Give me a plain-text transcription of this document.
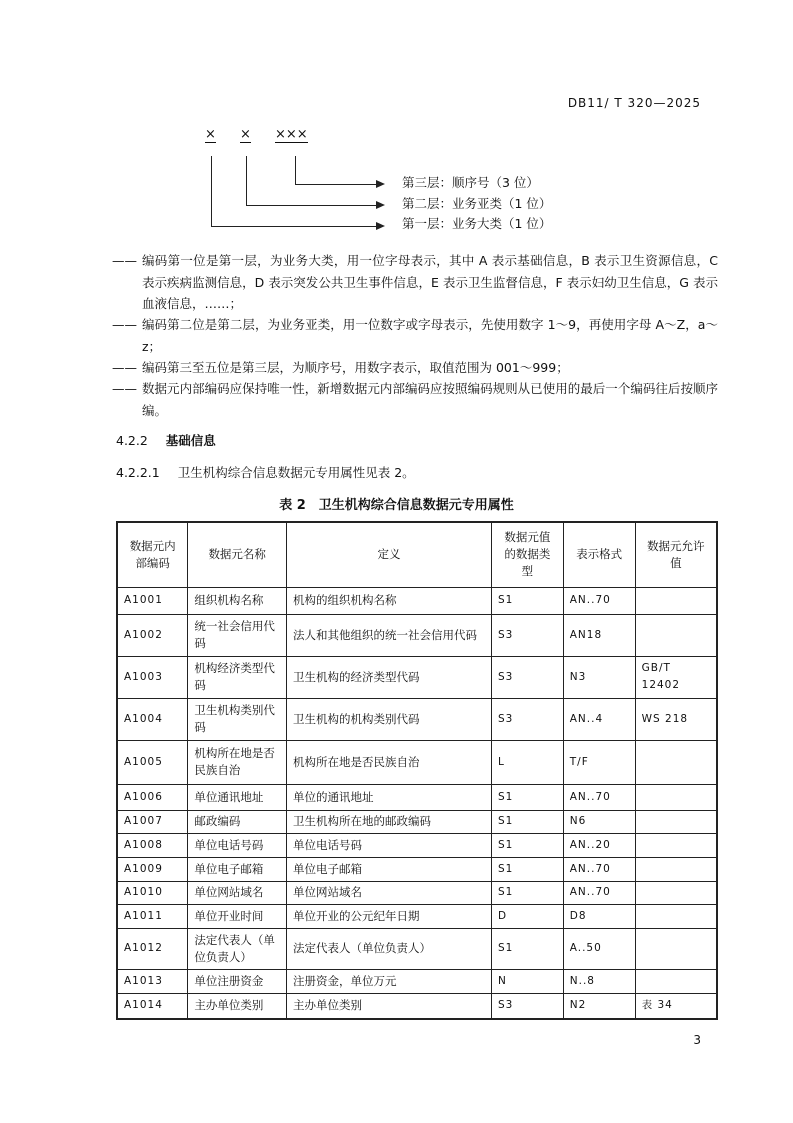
DB11/ T 320—2025
× × ×××
第三层：顺序号（3 位）
第二层：业务亚类（1 位）
第一层：业务大类（1 位）
—— 编码第一位是第一层，为业务大类，用一位字母表示，其中 A 表示基础信息，B 表示卫生资源信息，C 表示疾病监测信息，D 表示突发公共卫生事件信息，E 表示卫生监督信息，F 表示妇幼卫生信息，G 表示血液信息，……；
—— 编码第二位是第二层，为业务亚类，用一位数字或字母表示，先使用数字 1～9，再使用字母 A～Z，a～z；
—— 编码第三至五位是第三层，为顺序号，用数字表示，取值范围为 001～999；
—— 数据元内部编码应保持唯一性，新增数据元内部编码应按照编码规则从已使用的最后一个编码往后按顺序编。
4.2.2 基础信息
4.2.2.1 卫生机构综合信息数据元专用属性见表 2。
表 2　卫生机构综合信息数据元专用属性
数据元内部编码	数据元名称	定义	数据元值的数据类型	表示格式	数据元允许值
A1001	组织机构名称	机构的组织机构名称	S1	AN..70	
A1002	统一社会信用代码	法人和其他组织的统一社会信用代码	S3	AN18	
A1003	机构经济类型代码	卫生机构的经济类型代码	S3	N3	GB/T 12402
A1004	卫生机构类别代码	卫生机构的机构类别代码	S3	AN..4	WS 218
A1005	机构所在地是否民族自治	机构所在地是否民族自治	L	T/F	
A1006	单位通讯地址	单位的通讯地址	S1	AN..70	
A1007	邮政编码	卫生机构所在地的邮政编码	S1	N6	
A1008	单位电话号码	单位电话号码	S1	AN..20	
A1009	单位电子邮箱	单位电子邮箱	S1	AN..70	
A1010	单位网站域名	单位网站域名	S1	AN..70	
A1011	单位开业时间	单位开业的公元纪年日期	D	D8	
A1012	法定代表人（单位负责人）	法定代表人（单位负责人）	S1	A..50	
A1013	单位注册资金	注册资金，单位万元	N	N..8	
A1014	主办单位类别	主办单位类别	S3	N2	表 34
3
